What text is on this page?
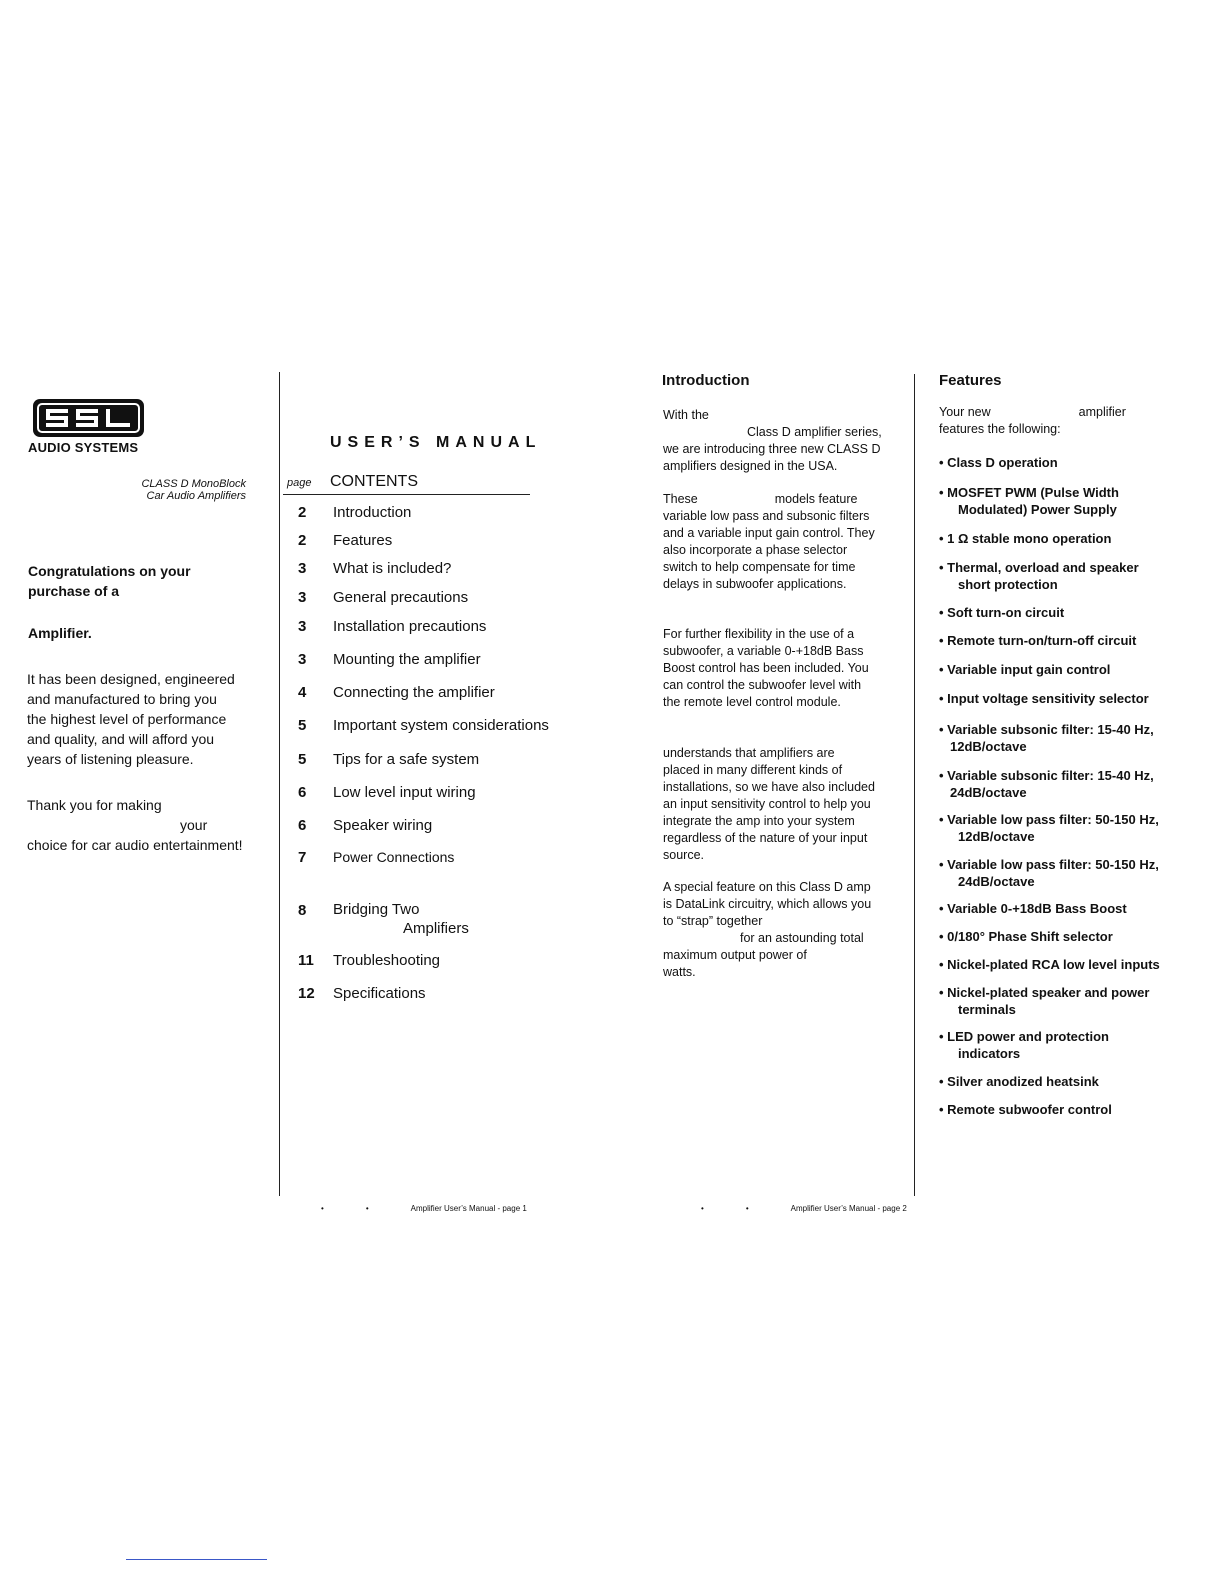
AUDIO SYSTEMS
CLASS D MonoBlock
Car Audio Amplifiers
Congratulations on your
purchase of a
Amplifier.
It has been designed, engineered
and manufactured to bring you
the highest level of performance
and quality, and will afford you
years of listening pleasure.
Thank you for making
your
choice for car audio entertainment!
USER’S MANUAL
page CONTENTS
2	Introduction
2	Features
3	What is included?
3	General precautions
3	Installation precautions
3	Mounting the amplifier
4	Connecting the amplifier
5	Important system considerations
5	Tips for a safe system
6	Low level input wiring
6	Speaker wiring
7	Power Connections
8	Bridging Two
Amplifiers
11	Troubleshooting
12	Specifications
•	•	Amplifier User’s Manual - page 1	•	•	Amplifier User’s Manual - page 2
Introduction
With the
Class D amplifier series,
we are introducing three new CLASS D
amplifiers designed in the USA.
These	models feature
variable low pass and subsonic filters
and a variable input gain control. They
also incorporate a phase selector
switch to help compensate for time
delays in subwoofer applications.
For further flexibility in the use of a
subwoofer, a variable 0-+18dB Bass
Boost control has been included. You
can control the subwoofer level with
the remote level control module.
understands that amplifiers are
placed in many different kinds of
installations, so we have also included
an input sensitivity control to help you
integrate the amp into your system
regardless of the nature of your input
source.
A special feature on this Class D amp
is DataLink circuitry, which allows you
to “strap” together
for an astounding total
maximum output power of
watts.
Features
Your new	amplifier
features the following:
• Class D operation
• MOSFET PWM (Pulse Width
Modulated) Power Supply
• 1 Ω stable mono operation
• Thermal, overload and speaker
short protection
• Soft turn-on circuit
• Remote turn-on/turn-off circuit
• Variable input gain control
• Input voltage sensitivity selector
• Variable subsonic filter: 15-40 Hz,
12dB/octave
• Variable subsonic filter: 15-40 Hz,
24dB/octave
• Variable low pass filter: 50-150 Hz,
12dB/octave
• Variable low pass filter: 50-150 Hz,
24dB/octave
• Variable 0-+18dB Bass Boost
• 0/180° Phase Shift selector
• Nickel-plated RCA low level inputs
• Nickel-plated speaker and power
terminals
• LED power and protection
indicators
• Silver anodized heatsink
• Remote subwoofer control
